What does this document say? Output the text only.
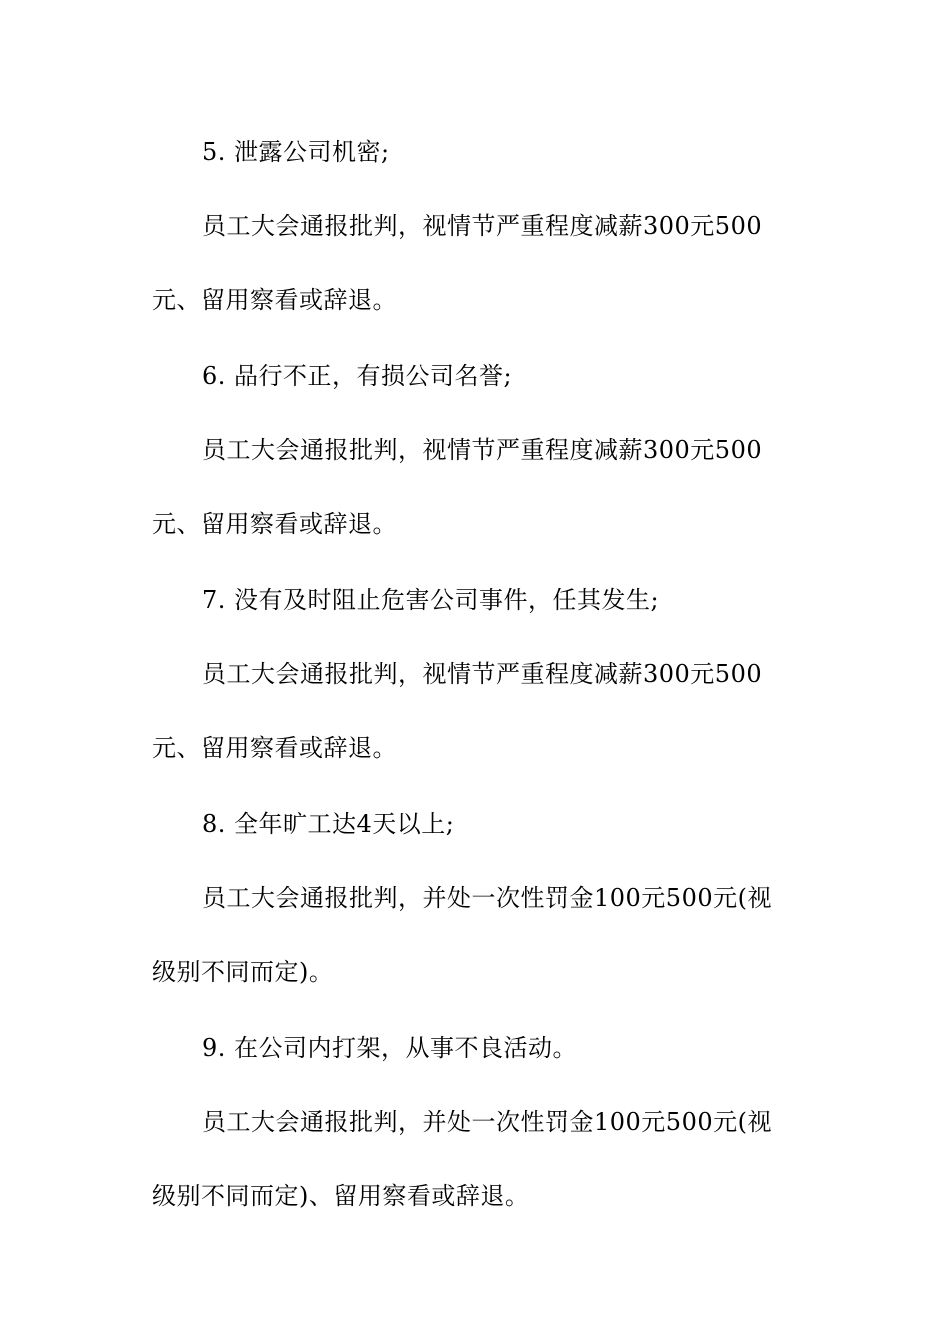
5. 泄露公司机密;
员工大会通报批判，视情节严重程度减薪300元500
元、留用察看或辞退。
6. 品行不正，有损公司名誉;
员工大会通报批判，视情节严重程度减薪300元500
元、留用察看或辞退。
7. 没有及时阻止危害公司事件，任其发生;
员工大会通报批判，视情节严重程度减薪300元500
元、留用察看或辞退。
8. 全年旷工达4天以上;
员工大会通报批判，并处一次性罚金100元500元(视
级别不同而定)。
9. 在公司内打架，从事不良活动。
员工大会通报批判，并处一次性罚金100元500元(视
级别不同而定)、留用察看或辞退。
